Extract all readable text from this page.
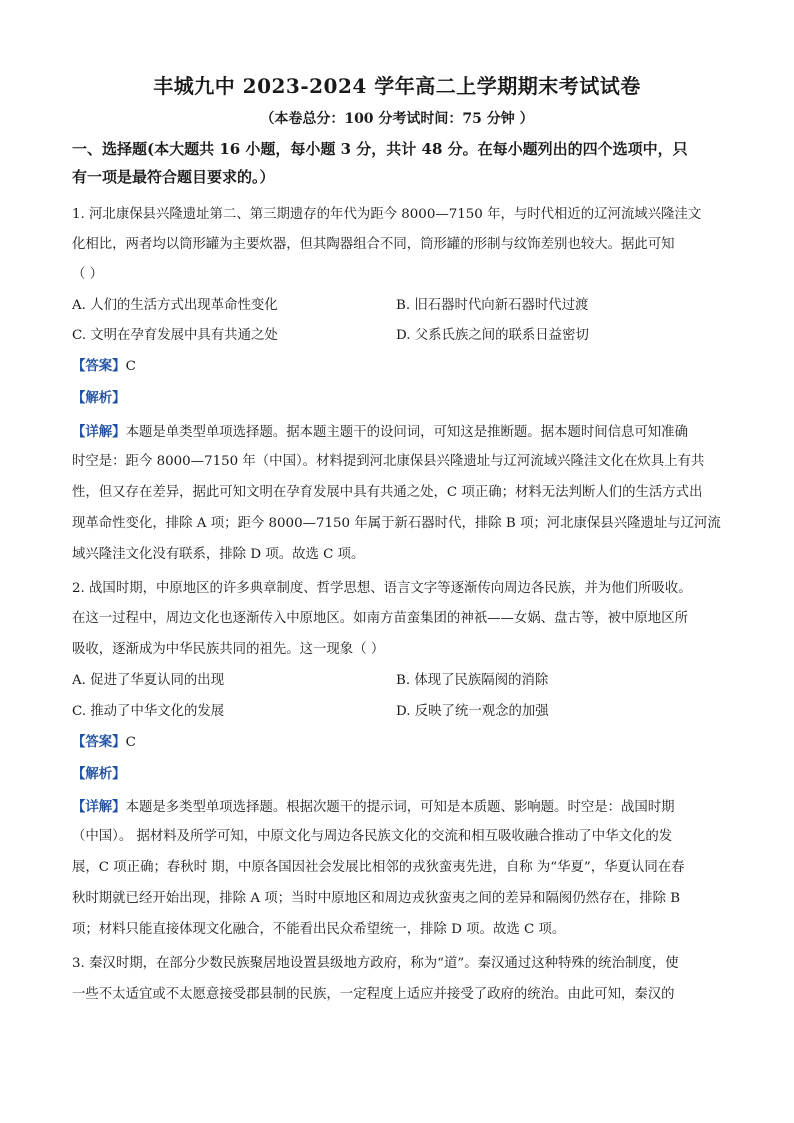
丰城九中 2023-2024 学年高二上学期期末考试试卷
（本卷总分：100 分考试时间：75 分钟 ）
一、选择题(本大题共 16 小题，每小题 3 分，共计 48 分。在每小题列出的四个选项中，只
有一项是最符合题目要求的。）
1. 河北康保县兴隆遗址第二、第三期遗存的年代为距今 8000—7150 年，与时代相近的辽河流域兴隆洼文
化相比，两者均以筒形罐为主要炊器，但其陶器组合不同，筒形罐的形制与纹饰差别也较大。据此可知
（ ）
A. 人们的生活方式出现革命性变化	B. 旧石器时代向新石器时代过渡
C. 文明在孕育发展中具有共通之处	D. 父系氏族之间的联系日益密切
【答案】C
【解析】
【详解】本题是单类型单项选择题。据本题主题干的设问词，可知这是推断题。据本题时间信息可知准确
时空是：距今 8000—7150 年（中国）。材料提到河北康保县兴隆遗址与辽河流域兴隆洼文化在炊具上有共
性，但又存在差异，据此可知文明在孕育发展中具有共通之处，C 项正确；材料无法判断人们的生活方式出
现革命性变化，排除 A 项；距今 8000—7150 年属于新石器时代，排除 B 项；河北康保县兴隆遗址与辽河流
域兴隆洼文化没有联系，排除 D 项。故选 C 项。
2. 战国时期，中原地区的许多典章制度、哲学思想、语言文字等逐渐传向周边各民族，并为他们所吸收。
在这一过程中，周边文化也逐渐传入中原地区。如南方苗蛮集团的神祇——女娲、盘古等，被中原地区所
吸收，逐渐成为中华民族共同的祖先。这一现象（ ）
A. 促进了华夏认同的出现	B. 体现了民族隔阂的消除
C. 推动了中华文化的发展	D. 反映了统一观念的加强
【答案】C
【解析】
【详解】本题是多类型单项选择题。根据次题干的提示词，可知是本质题、影响题。时空是：战国时期
（中国）。 据材料及所学可知，中原文化与周边各民族文化的交流和相互吸收融合推动了中华文化的发
展，C 项正确；春秋时 期，中原各国因社会发展比相邻的戎狄蛮夷先进，自称 为“华夏”，华夏认同在春
秋时期就已经开始出现，排除 A 项；当时中原地区和周边戎狄蛮夷之间的差异和隔阂仍然存在，排除 B
项；材料只能直接体现文化融合，不能看出民众希望统一，排除 D 项。故选 C 项。
3. 秦汉时期，在部分少数民族聚居地设置县级地方政府，称为“道”。秦汉通过这种特殊的统治制度，使
一些不太适宜或不太愿意接受郡县制的民族，一定程度上适应并接受了政府的统治。由此可知，秦汉的
